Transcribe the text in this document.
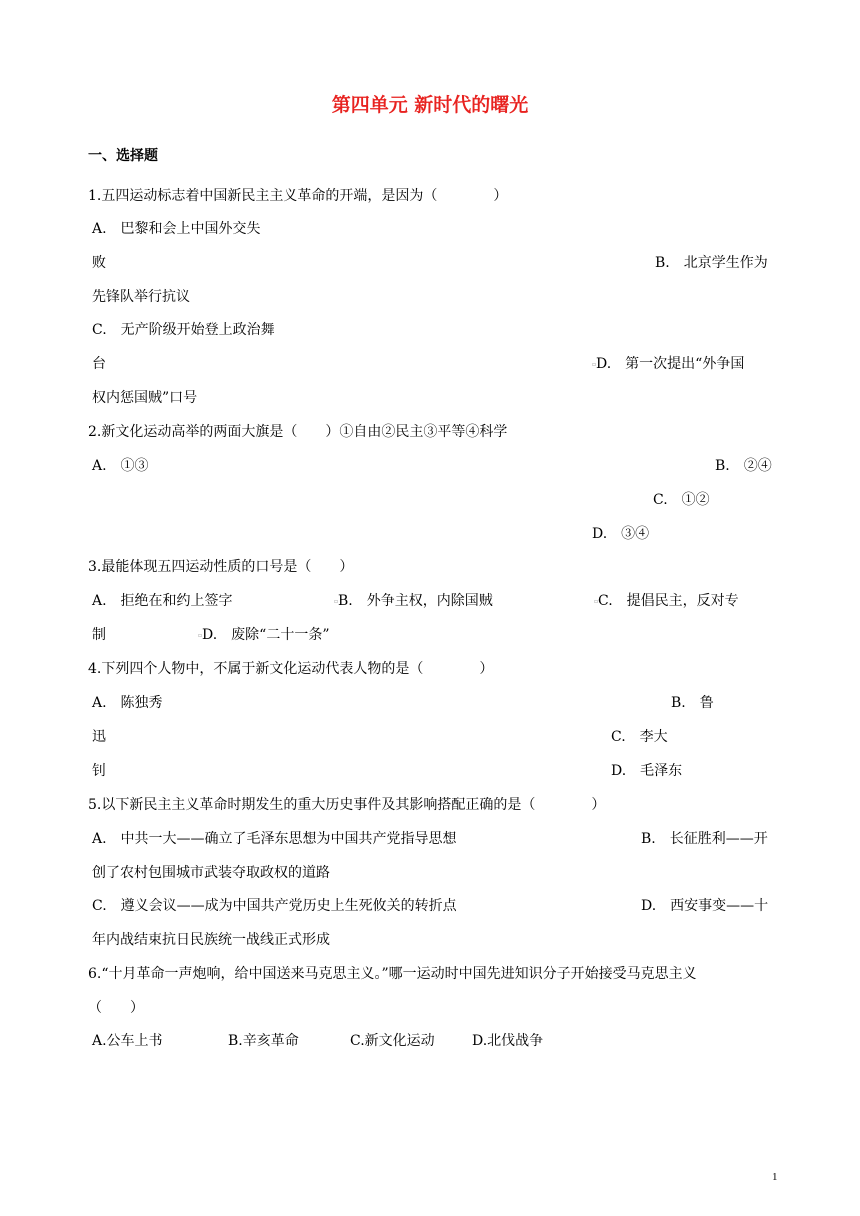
第四单元 新时代的曙光
一、选择题
1.五四运动标志着中国新民主主义革命的开端，是因为（　　　　）
A.　巴黎和会上中国外交失
败	B.　北京学生作为
先锋队举行抗议
C.　无产阶级开始登上政治舞
台	▫ D.　第一次提出“外争国
权内惩国贼”口号
2.新文化运动高举的两面大旗是（　　）①自由②民主③平等④科学
A.　①③	B.　②④
C.　①②
D.　③④
3.最能体现五四运动性质的口号是（　　）
A.　拒绝在和约上签字	▫ B.　外争主权，内除国贼	▫ C.　提倡民主，反对专
制	▫ D.　废除“二十一条”
4.下列四个人物中，不属于新文化运动代表人物的是（　　　　）
A.　陈独秀	B.　鲁
迅	C.　李大
钊	D.　毛泽东
5.以下新民主主义革命时期发生的重大历史事件及其影响搭配正确的是（　　　　）
A.　中共一大——确立了毛泽东思想为中国共产党指导思想	B.　长征胜利——开
创了农村包围城市武装夺取政权的道路
C.　遵义会议——成为中国共产党历史上生死攸关的转折点	D.　西安事变——十
年内战结束抗日民族统一战线正式形成
6.“十月革命一声炮响，给中国送来马克思主义。”哪一运动时中国先进知识分子开始接受马克思主义
（　　）
A.公车上书	B.辛亥革命	C.新文化运动	D.北伐战争
1
